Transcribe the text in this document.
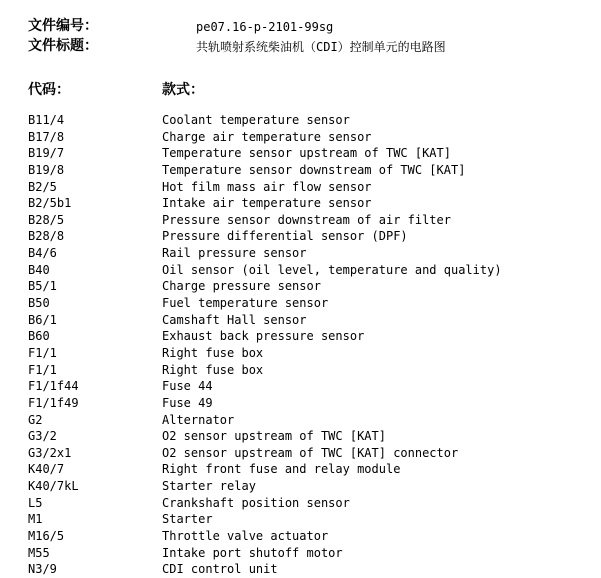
文件编号：	pe07.16-p-2101-99sg
文件标题：	共轨喷射系统柴油机（CDI）控制单元的电路图
代码：	款式：
B11/4	Coolant temperature sensor
B17/8	Charge air temperature sensor
B19/7	Temperature sensor upstream of TWC [KAT]
B19/8	Temperature sensor downstream of TWC [KAT]
B2/5	Hot film mass air flow sensor
B2/5b1	Intake air temperature sensor
B28/5	Pressure sensor downstream of air filter
B28/8	Pressure differential sensor (DPF)
B4/6	Rail pressure sensor
B40	Oil sensor (oil level, temperature and quality)
B5/1	Charge pressure sensor
B50	Fuel temperature sensor
B6/1	Camshaft Hall sensor
B60	Exhaust back pressure sensor
F1/1	Right fuse box
F1/1	Right fuse box
F1/1f44	Fuse 44
F1/1f49	Fuse 49
G2	Alternator
G3/2	O2 sensor upstream of TWC [KAT]
G3/2x1	O2 sensor upstream of TWC [KAT] connector
K40/7	Right front fuse and relay module
K40/7kL	Starter relay
L5	Crankshaft position sensor
M1	Starter
M16/5	Throttle valve actuator
M55	Intake port shutoff motor
N3/9	CDI control unit
